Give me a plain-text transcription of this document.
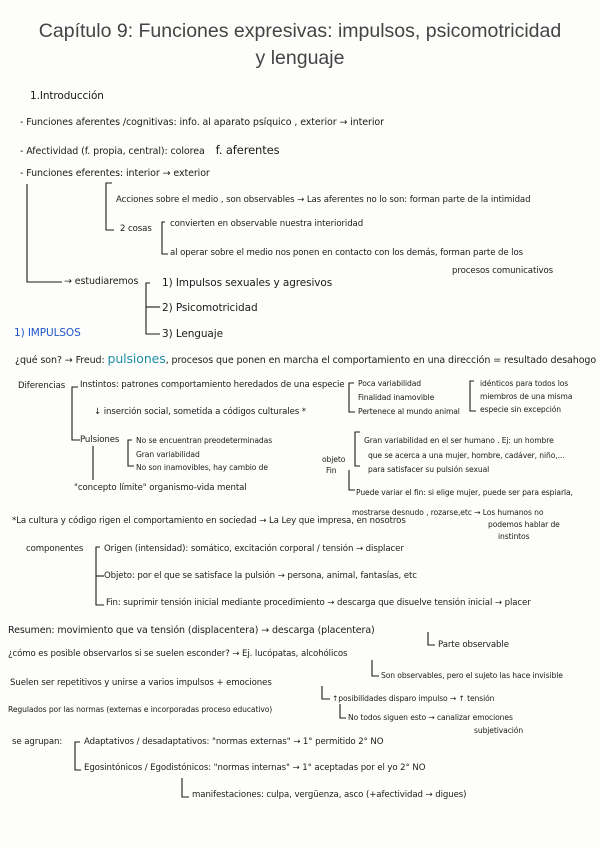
Capítulo 9: Funciones expresivas: impulsos, psicomotricidad
y lenguaje
1.Introducción
- Funciones aferentes /cognitivas: info. al aparato psíquico , exterior → interior
- Afectividad (f. propia, central): colorea f. aferentes
- Funciones eferentes: interior → exterior
Acciones sobre el medio , son observables → Las aferentes no lo son: forman parte de la intimidad
2 cosas convierten en observable nuestra interioridad
al operar sobre el medio nos ponen en contacto con los demás, forman parte de los
procesos comunicativos
→ estudiaremos 1) Impulsos sexuales y agresivos
2) Psicomotricidad
3) Lenguaje
1) IMPULSOS
¿qué son? → Freud: pulsiones, procesos que ponen en marcha el comportamiento en una dirección = resultado desahogo
Diferencias Instintos: patrones comportamiento heredados de una especie Poca variabilidad
Finalidad inamovible
Pertenece al mundo animal
idénticos para todos los
miembros de una misma
especie sin excepción
↓ inserción social, sometida a códigos culturales *
Pulsiones No se encuentran preodeterminadas
Gran variabilidad
No son inamovibles, hay cambio de
objeto
Fin
Gran variabilidad en el ser humano . Ej: un hombre
que se acerca a una mujer, hombre, cadáver, niño,...
para satisfacer su pulsión sexual
Puede variar el fin: si elige mujer, puede ser para espiarla,
mostrarse desnudo , rozarse,etc → Los humanos no
podemos hablar de
instintos
"concepto límite" organismo-vida mental
*La cultura y código rigen el comportamiento en sociedad → La Ley que impresa, en nosotros
componentes Origen (intensidad): somático, excitación corporal / tensión → displacer
Objeto: por el que se satisface la pulsión → persona, animal, fantasías, etc
Fin: suprimir tensión inicial mediante procedimiento → descarga que disuelve tensión inicial → placer
Resumen: movimiento que va tensión (displacentera) → descarga (placentera)
Parte observable
¿cómo es posible observarlos si se suelen esconder? → Ej. lucópatas, alcohólicos
Son observables, pero el sujeto las hace invisible
Suelen ser repetitivos y unirse a varios impulsos + emociones
↑posibilidades disparo impulso → ↑ tensión
Regulados por las normas (externas e incorporadas proceso educativo)
No todos siguen esto → canalizar emociones
subjetivación
se agrupan:	Adaptativos / desadaptativos: "normas externas" → 1° permitido 2° NO
Egosintónicos / Egodistónicos: "normas internas" → 1° aceptadas por el yo 2° NO
manifestaciones: culpa, vergüenza, asco (+afectividad → digues)
